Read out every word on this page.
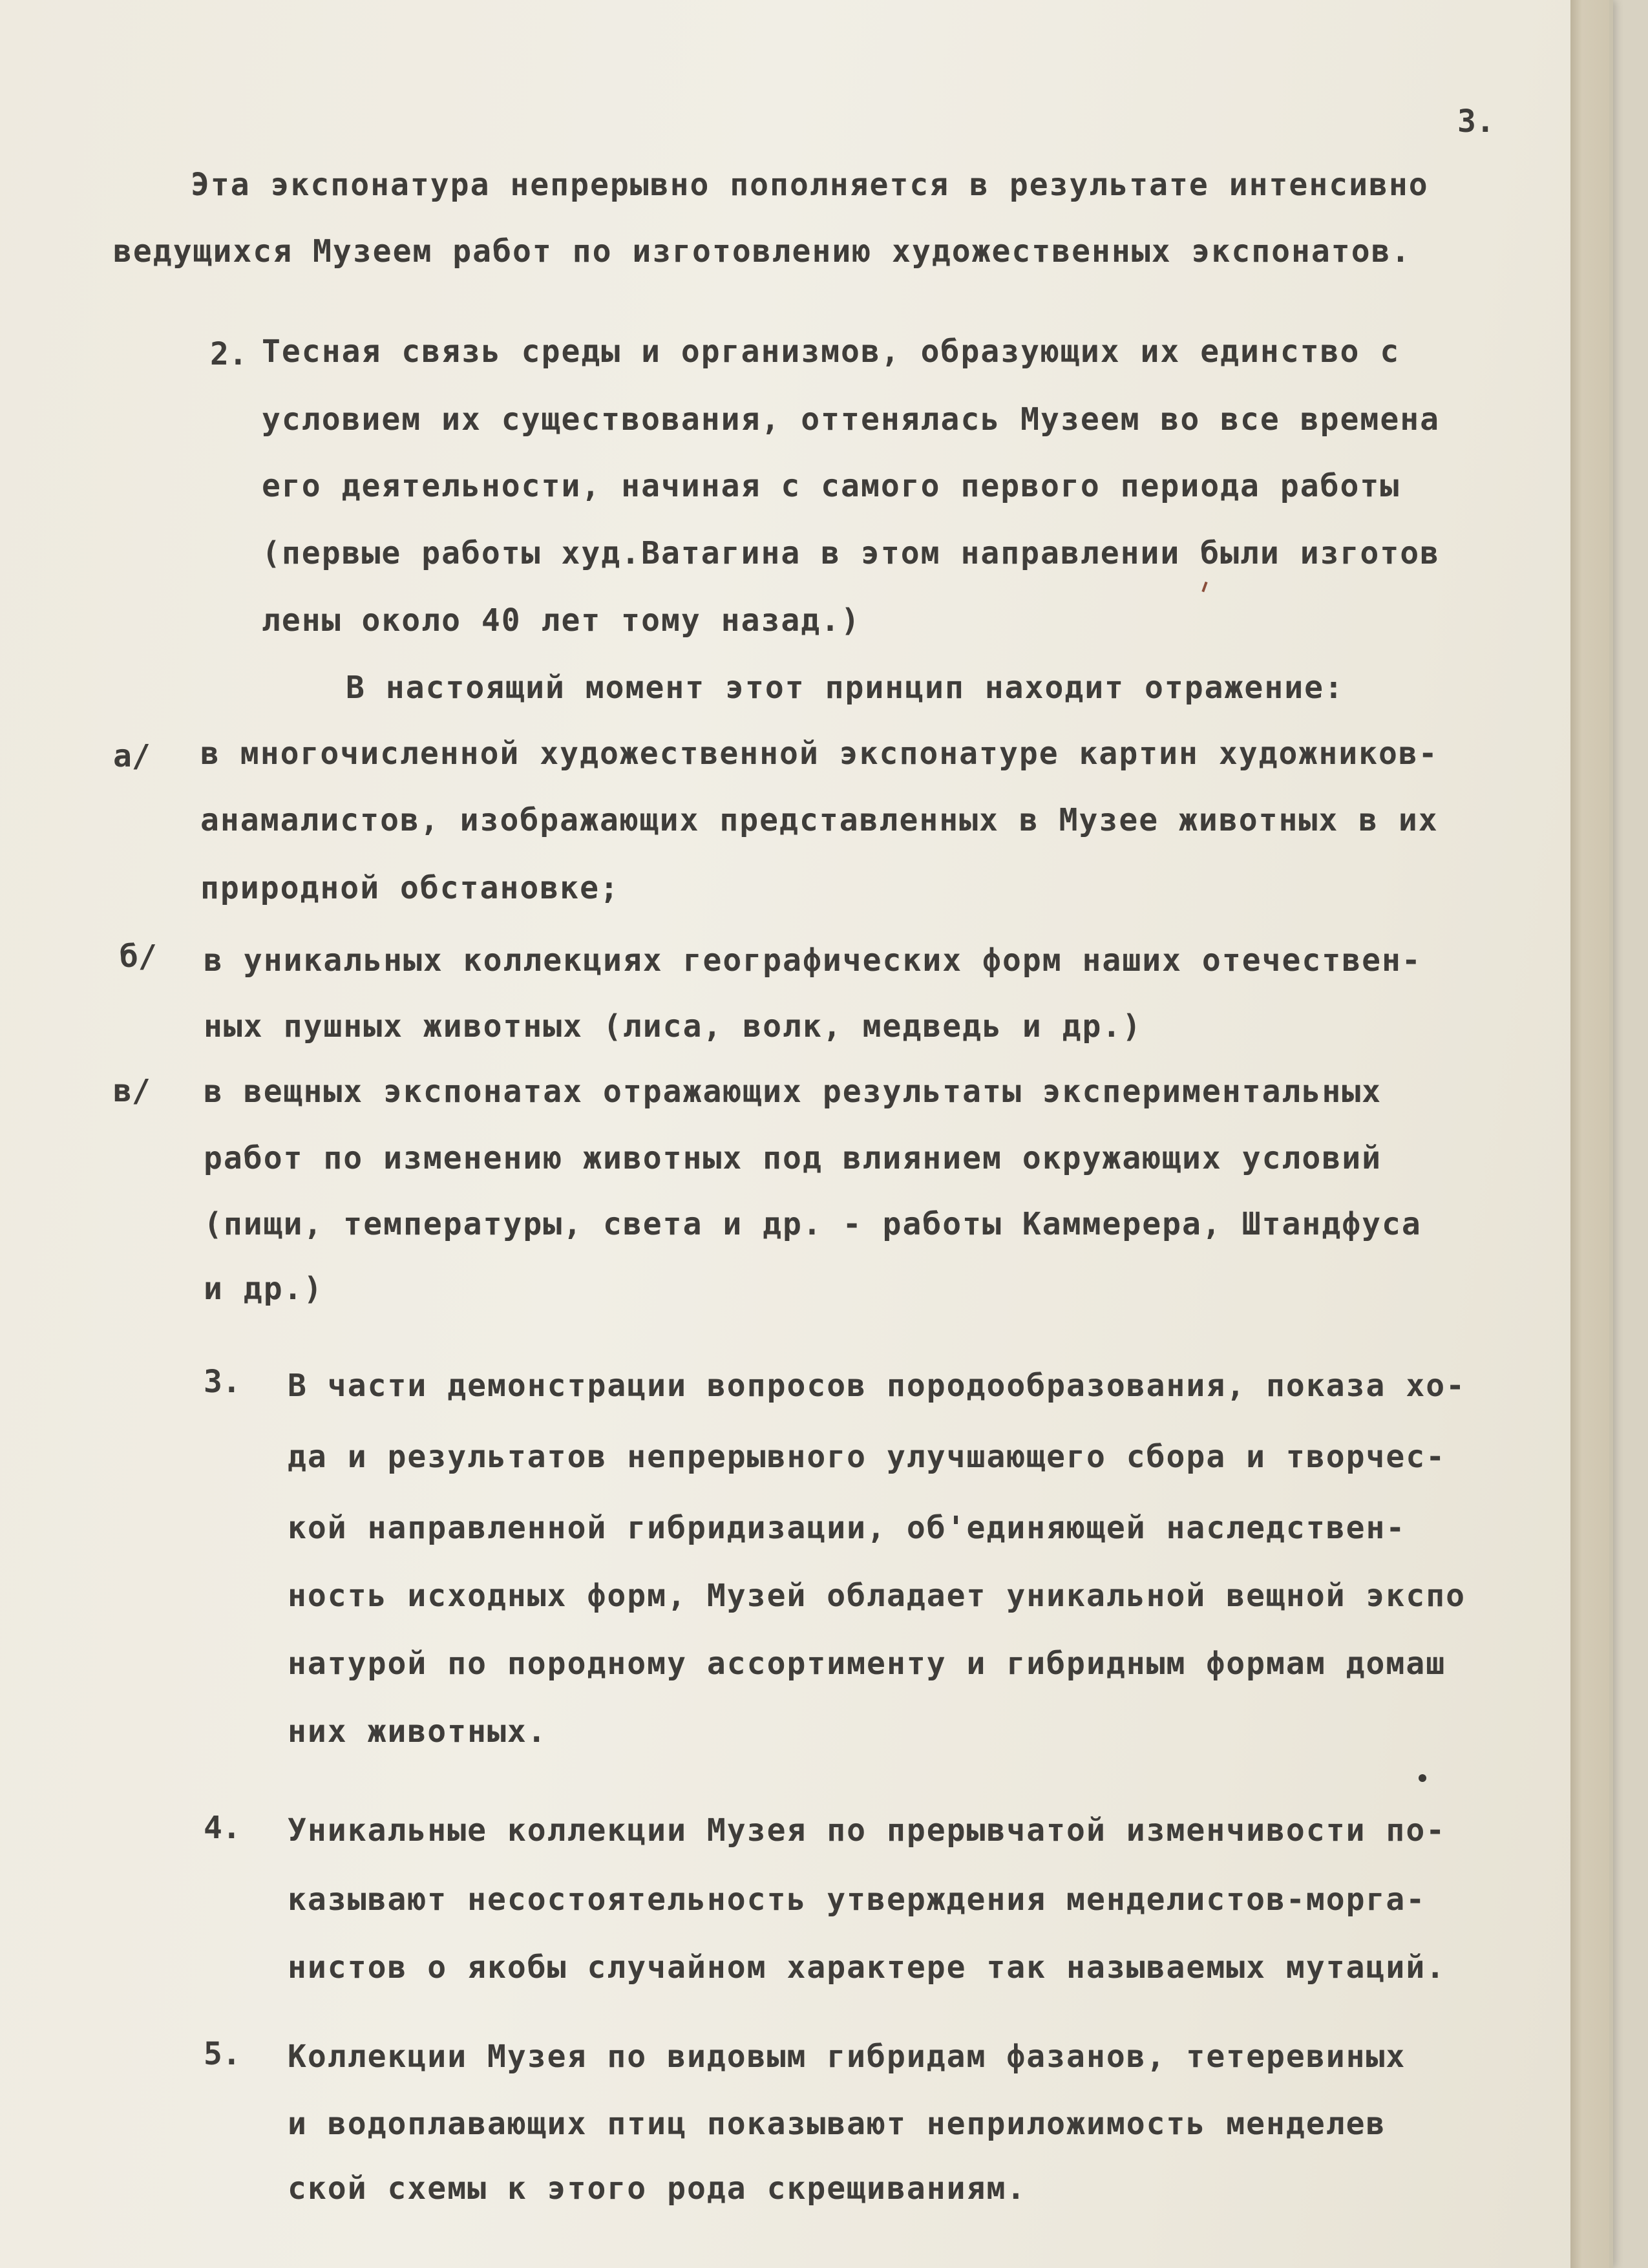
3.
Эта экспонатура непрерывно пополняется в результате интенсивно
ведущихся Музеем работ по изготовлению художественных экспонатов.
2. Тесная связь среды и организмов, образующих их единство с
условием их существования, оттенялась Музеем во все времена
его деятельности, начиная с самого первого периода работы
(первые работы худ.Ватагина в этом направлении были изготов
лены около 40 лет тому назад.)
В настоящий момент этот принцип находит отражение:
а/ в многочисленной художественной экспонатуре картин художников-
анамалистов, изображающих представленных в Музее животных в их
природной обстановке;
б/ в уникальных коллекциях географических форм наших отечествен-
ных пушных животных (лиса, волк, медведь и др.)
в/ в вещных экспонатах отражающих результаты экспериментальных
работ по изменению животных под влиянием окружающих условий
(пищи, температуры, света и др. - работы Каммерера, Штандфуса
и др.)
3. В части демонстрации вопросов породообразования, показа хо-
да и результатов непрерывного улучшающего сбора и творчес-
кой направленной гибридизации, об'единяющей наследствен-
ность исходных форм, Музей обладает уникальной вещной экспо
натурой по породному ассортименту и гибридным формам домаш
них животных.
4. Уникальные коллекции Музея по прерывчатой изменчивости по-
казывают несостоятельность утверждения менделистов-морга-
нистов о якобы случайном характере так называемых мутаций.
5. Коллекции Музея по видовым гибридам фазанов, тетеревиных
и водоплавающих птиц показывают неприложимость менделев
ской схемы к этого рода скрещиваниям.
